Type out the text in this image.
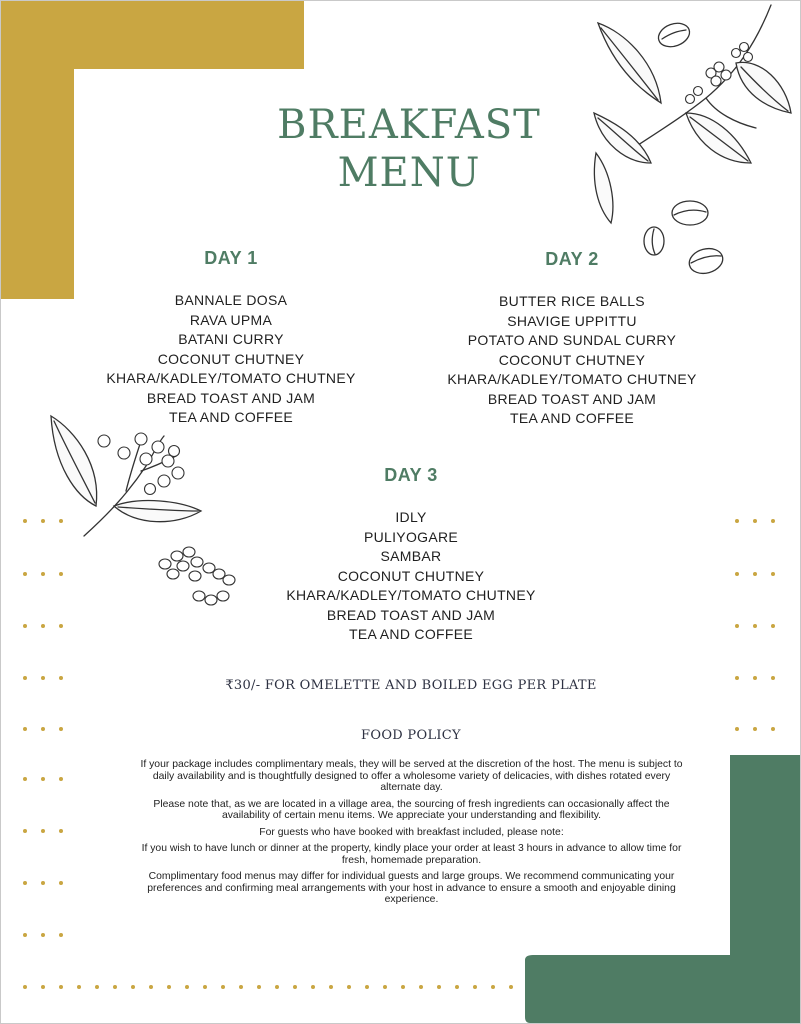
BREAKFAST
MENU
DAY 1
BANNALE DOSA
RAVA UPMA
BATANI CURRY
COCONUT CHUTNEY
KHARA/KADLEY/TOMATO CHUTNEY
BREAD TOAST AND JAM
TEA AND COFFEE
DAY 2
BUTTER RICE BALLS
SHAVIGE UPPITTU
POTATO AND SUNDAL CURRY
COCONUT CHUTNEY
KHARA/KADLEY/TOMATO CHUTNEY
BREAD TOAST AND JAM
TEA AND COFFEE
DAY 3
IDLY
PULIYOGARE
SAMBAR
COCONUT CHUTNEY
KHARA/KADLEY/TOMATO CHUTNEY
BREAD TOAST AND JAM
TEA AND COFFEE
₹30/- FOR OMELETTE AND BOILED EGG PER PLATE
FOOD POLICY

If your package includes complimentary meals, they will be served at the discretion of the host. The menu is subject to daily availability and is thoughtfully designed to offer a wholesome variety of delicacies, with dishes rotated every alternate day.

Please note that, as we are located in a village area, the sourcing of fresh ingredients can occasionally affect the availability of certain menu items. We appreciate your understanding and flexibility.

For guests who have booked with breakfast included, please note:

If you wish to have lunch or dinner at the property, kindly place your order at least 3 hours in advance to allow time for fresh, homemade preparation.

Complimentary food menus may differ for individual guests and large groups. We recommend communicating your preferences and confirming meal arrangements with your host in advance to ensure a smooth and enjoyable dining experience.
